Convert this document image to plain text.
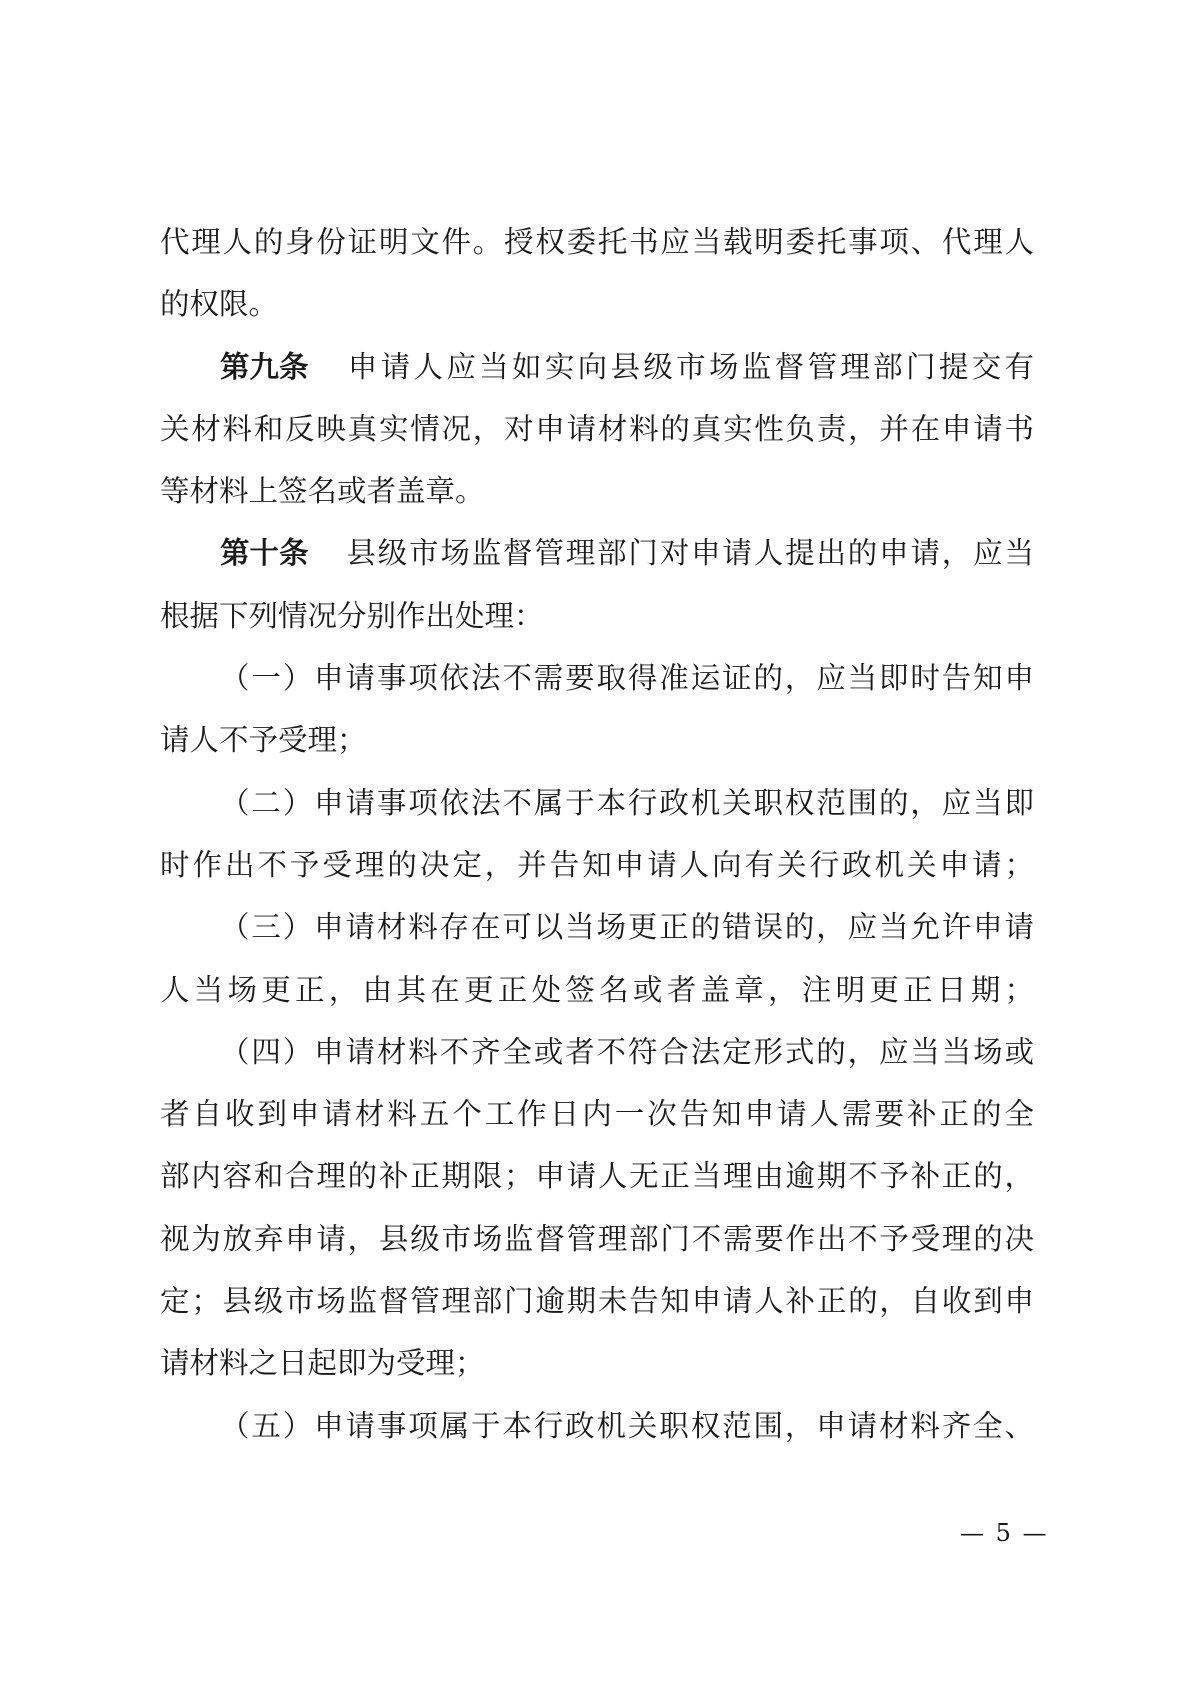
代理人的身份证明文件。授权委托书应当载明委托事项、代理人
的权限。
第九条 申请人应当如实向县级市场监督管理部门提交有
关材料和反映真实情况，对申请材料的真实性负责，并在申请书
等材料上签名或者盖章。
第十条 县级市场监督管理部门对申请人提出的申请，应当
根据下列情况分别作出处理：
（一）申请事项依法不需要取得准运证的，应当即时告知申
请人不予受理；
（二）申请事项依法不属于本行政机关职权范围的，应当即
时作出不予受理的决定，并告知申请人向有关行政机关申请；
（三）申请材料存在可以当场更正的错误的，应当允许申请
人当场更正，由其在更正处签名或者盖章，注明更正日期；
（四）申请材料不齐全或者不符合法定形式的，应当当场或
者自收到申请材料五个工作日内一次告知申请人需要补正的全
部内容和合理的补正期限；申请人无正当理由逾期不予补正的，
视为放弃申请，县级市场监督管理部门不需要作出不予受理的决
定；县级市场监督管理部门逾期未告知申请人补正的，自收到申
请材料之日起即为受理；
（五）申请事项属于本行政机关职权范围，申请材料齐全、
— 5 —
